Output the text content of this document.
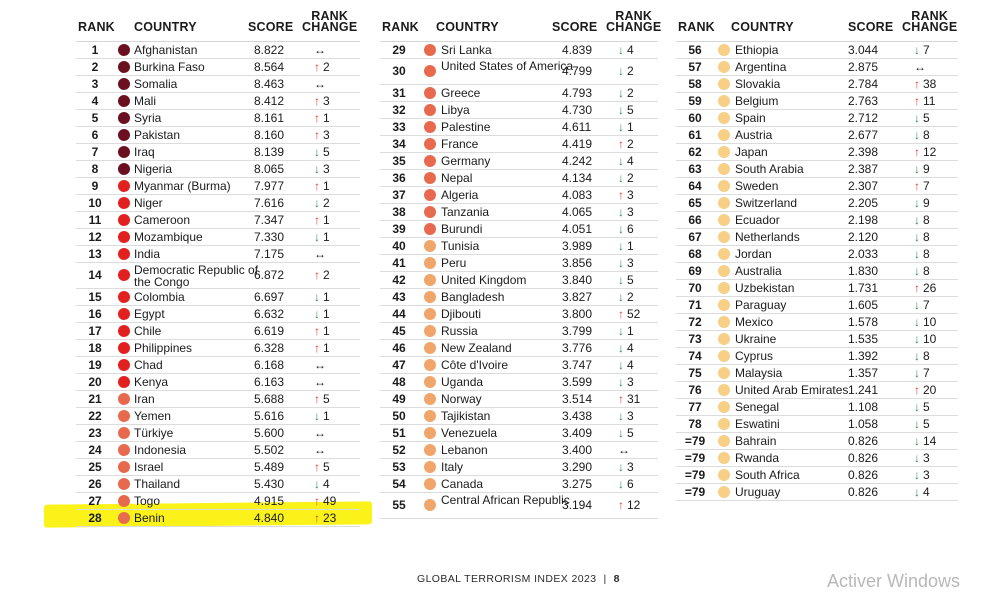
RANK COUNTRY	SCORE
RANK
CHANGE
1	Afghanistan	8.822 ↔
2	Burkina Faso	8.564 ↑ 2
3	Somalia	8.463 ↔
4	Mali	8.412 ↑ 3
5	Syria	8.161 ↑ 1
6	Pakistan	8.160 ↑ 3
7	Iraq	8.139 ↓ 5
8	Nigeria	8.065 ↓ 3
9	Myanmar (Burma)	7.977 ↑ 1
10	Niger	7.616 ↓ 2
11	Cameroon	7.347 ↑ 1
12	Mozambique	7.330 ↓ 1
13	India	7.175 ↔
14	Democratic Republic of the Congo	6.872 ↑ 2
15	Colombia	6.697 ↓ 1
16	Egypt	6.632 ↓ 1
17	Chile	6.619 ↑ 1
18	Philippines	6.328 ↑ 1
19	Chad	6.168 ↔
20	Kenya	6.163 ↔
21	Iran	5.688 ↑ 5
22	Yemen	5.616 ↓ 1
23	Türkiye	5.600 ↔
24	Indonesia	5.502 ↔
25	Israel	5.489 ↑ 5
26	Thailand	5.430 ↓ 4
27	Togo	4.915 ↑ 49
28	Benin	4.840 ↑ 23
RANK COUNTRY	SCORE
RANK
CHANGE
29	Sri Lanka	4.839 ↓ 4
30	United States of America
4.799 ↓ 2
31	Greece	4.793 ↓ 2
32	Libya	4.730 ↓ 5
33	Palestine	4.611 ↓ 1
34	France	4.419 ↑ 2
35	Germany	4.242 ↓ 4
36	Nepal	4.134 ↓ 2
37	Algeria	4.083 ↑ 3
38	Tanzania	4.065 ↓ 3
39	Burundi	4.051 ↓ 6
40	Tunisia	3.989 ↓ 1
41	Peru	3.856 ↓ 3
42	United Kingdom	3.840 ↓ 5
43	Bangladesh	3.827 ↓ 2
44	Djibouti	3.800 ↑ 52
45	Russia	3.799 ↓ 1
46	New Zealand	3.776 ↓ 4
47	Côte d'Ivoire	3.747 ↓ 4
48	Uganda	3.599 ↓ 3
49	Norway	3.514 ↑ 31
50	Tajikistan	3.438 ↓ 3
51	Venezuela	3.409 ↓ 5
52	Lebanon	3.400 ↔
53	Italy	3.290 ↓ 3
54	Canada	3.275 ↓ 6
55	Central African Republic
3.194 ↑ 12
RANK COUNTRY	SCORE
RANK
CHANGE
56	Ethiopia	3.044	↓ 7
57	Argentina	2.875	↔
58	Slovakia	2.784	↑ 38
59	Belgium	2.763	↑ 11
60	Spain	2.712	↓ 5
61	Austria	2.677	↓ 8
62	Japan	2.398	↑ 12
63	South Arabia	2.387	↓ 9
64	Sweden	2.307	↑ 7
65	Switzerland	2.205	↓ 9
66	Ecuador	2.198	↓ 8
67	Netherlands	2.120	↓ 8
68	Jordan	2.033	↓ 8
69	Australia	1.830	↓ 8
70	Uzbekistan	1.731	↑ 26
71	Paraguay	1.605	↓ 7
72	Mexico	1.578	↓ 10
73	Ukraine	1.535	↓ 10
74	Cyprus	1.392	↓ 8
75	Malaysia	1.357	↓ 7
76	United Arab Emirates 1.241	↑ 20
77	Senegal	1.108	↓ 5
78	Eswatini	1.058	↓ 5
=79	Bahrain	0.826	↓ 14
=79	Rwanda	0.826	↓ 3
=79	South Africa	0.826	↓ 3
=79	Uruguay	0.826	↓ 4
GLOBAL TERRORISM INDEX 2023 | 8	Activer Windows
